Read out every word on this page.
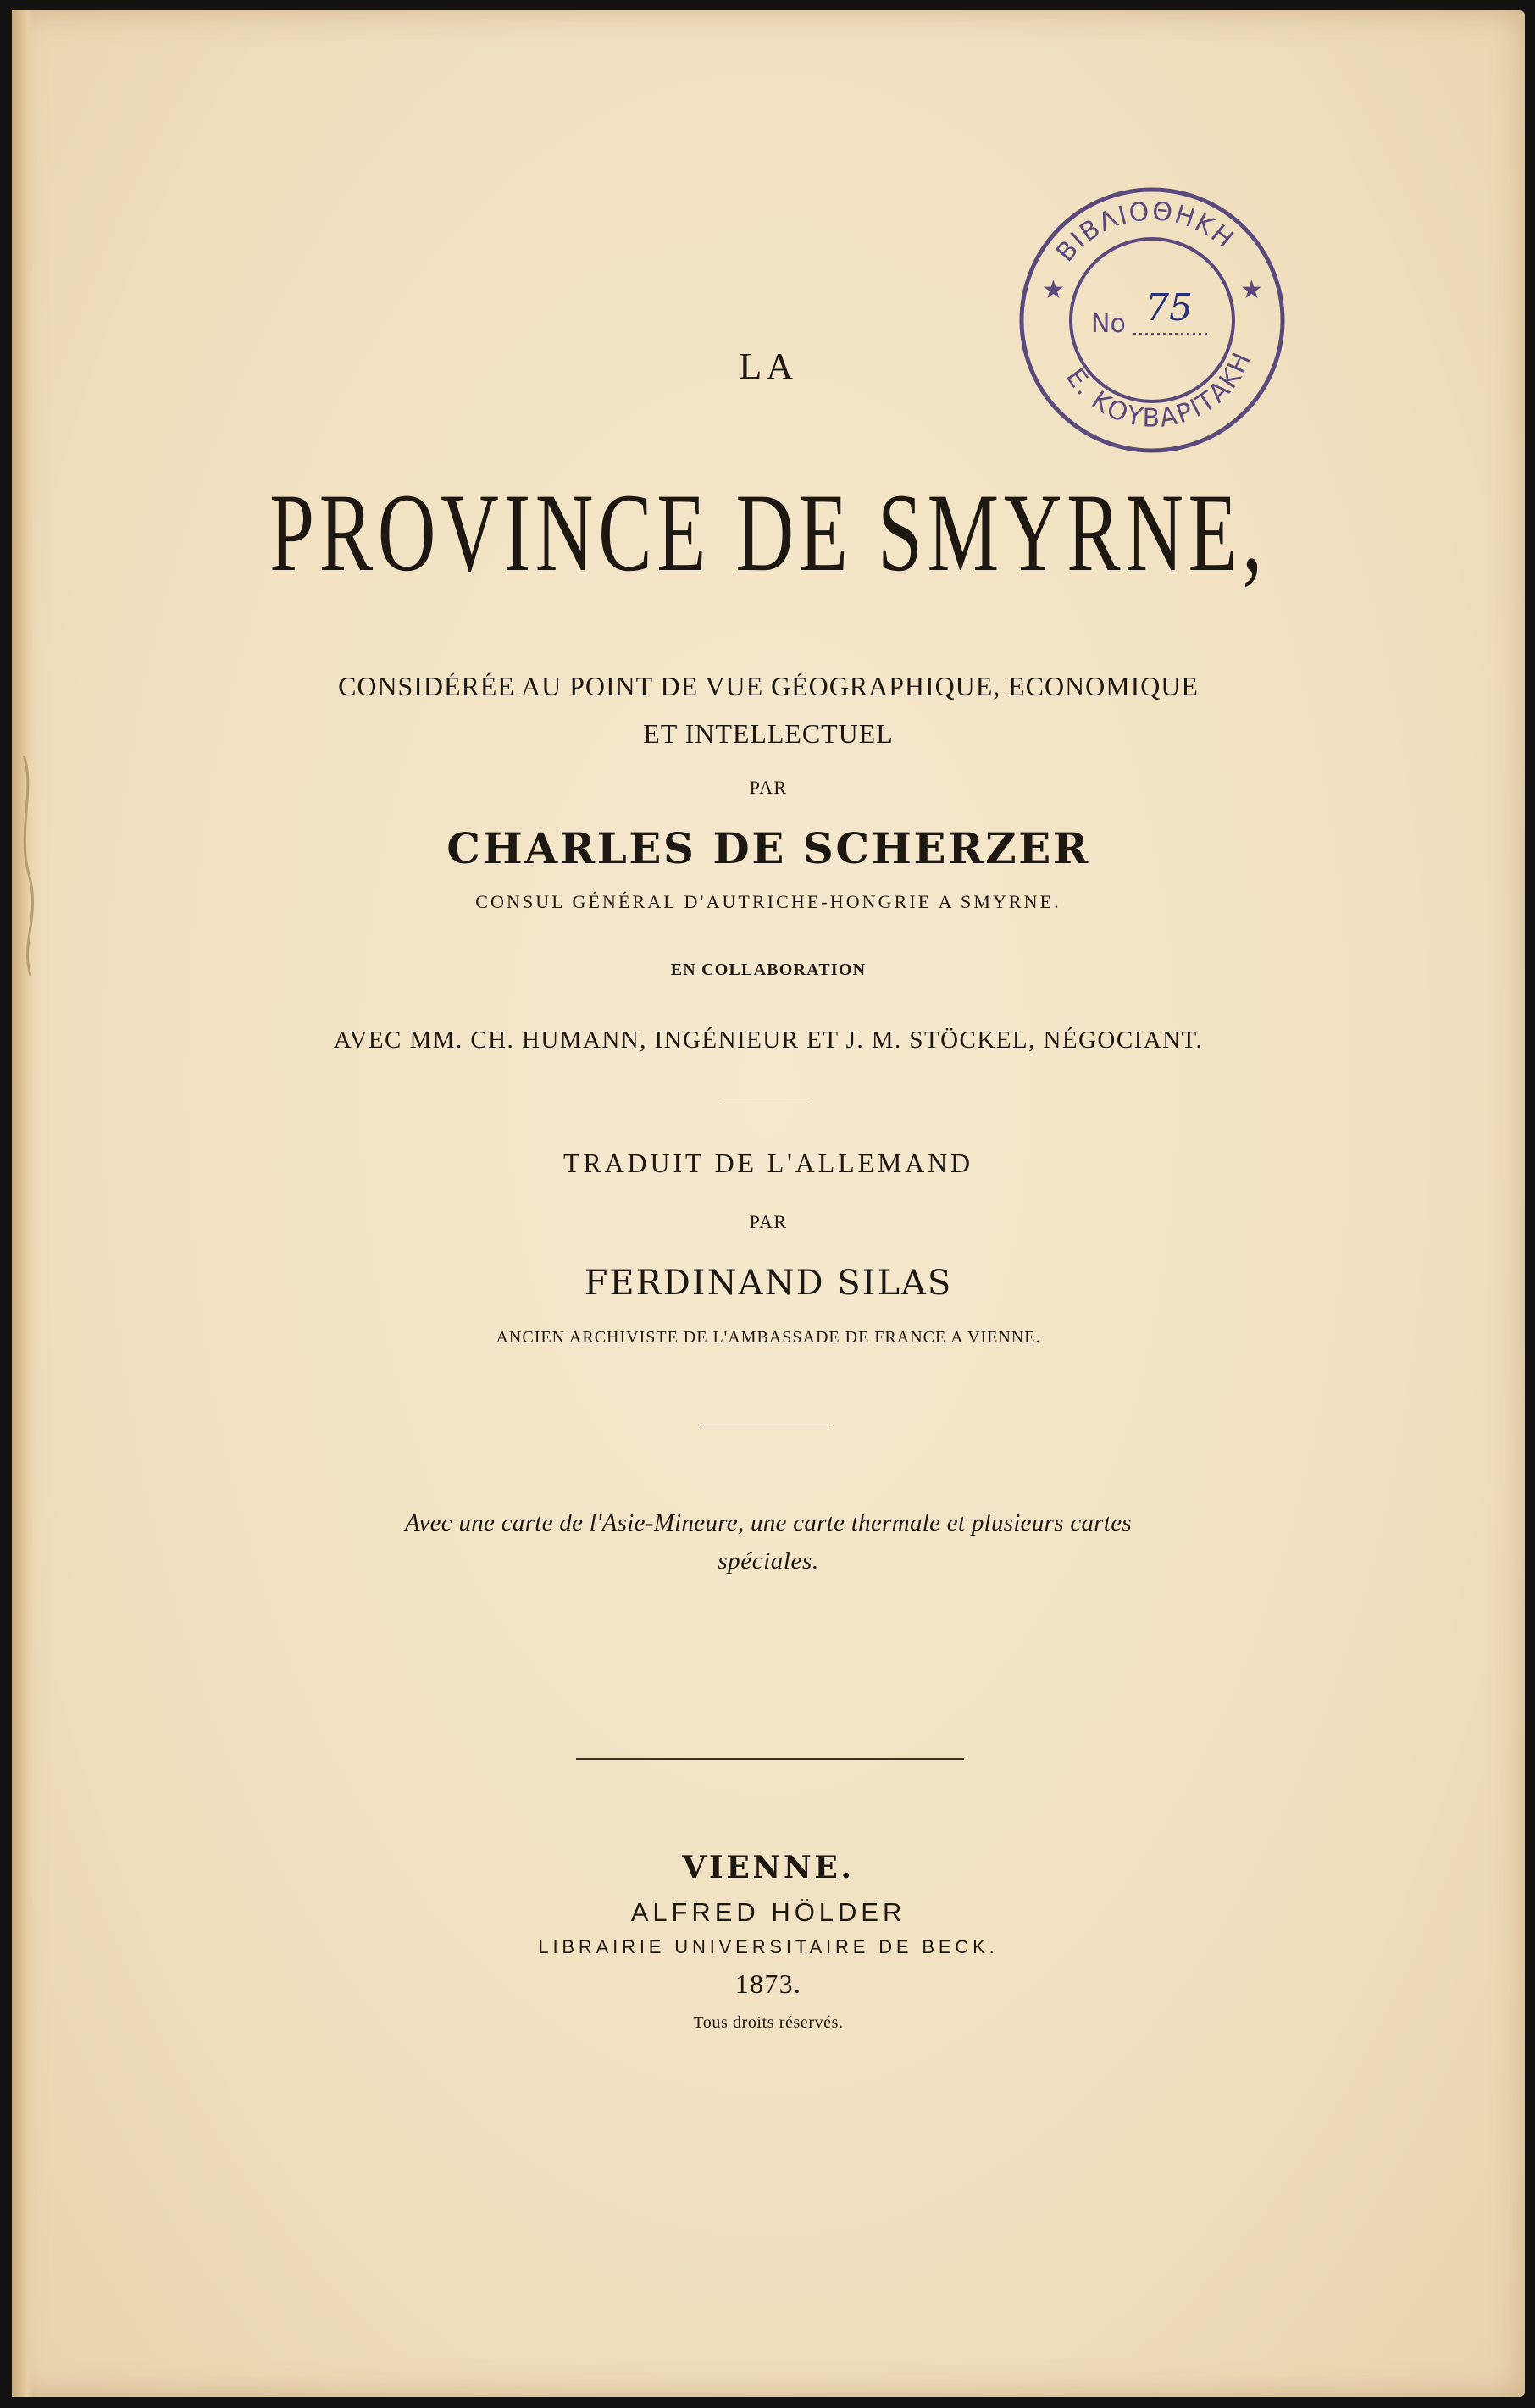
LA
PROVINCE DE SMYRNE,
CONSIDÉRÉE AU POINT DE VUE GÉOGRAPHIQUE, ECONOMIQUE
ET INTELLECTUEL
PAR
CHARLES DE SCHERZER
CONSUL GÉNÉRAL D'AUTRICHE-HONGRIE A SMYRNE.
EN COLLABORATION
AVEC MM. CH. HUMANN, INGÉNIEUR ET J. M. STÖCKEL, NÉGOCIANT.
TRADUIT DE L'ALLEMAND
PAR
FERDINAND SILAS
ANCIEN ARCHIVISTE DE L'AMBASSADE DE FRANCE A VIENNE.
Avec une carte de l'Asie-Mineure, une carte thermale et plusieurs cartes
spéciales.
VIENNE.
ALFRED HÖLDER
LIBRAIRIE UNIVERSITAIRE DE BECK.
1873.
Tous droits réservés.
ΒΙΒΛΙΟΘΗΚΗ
Ε. ΚΟΥΒΑΡΙΤΑΚΗ
★	★
No 75
